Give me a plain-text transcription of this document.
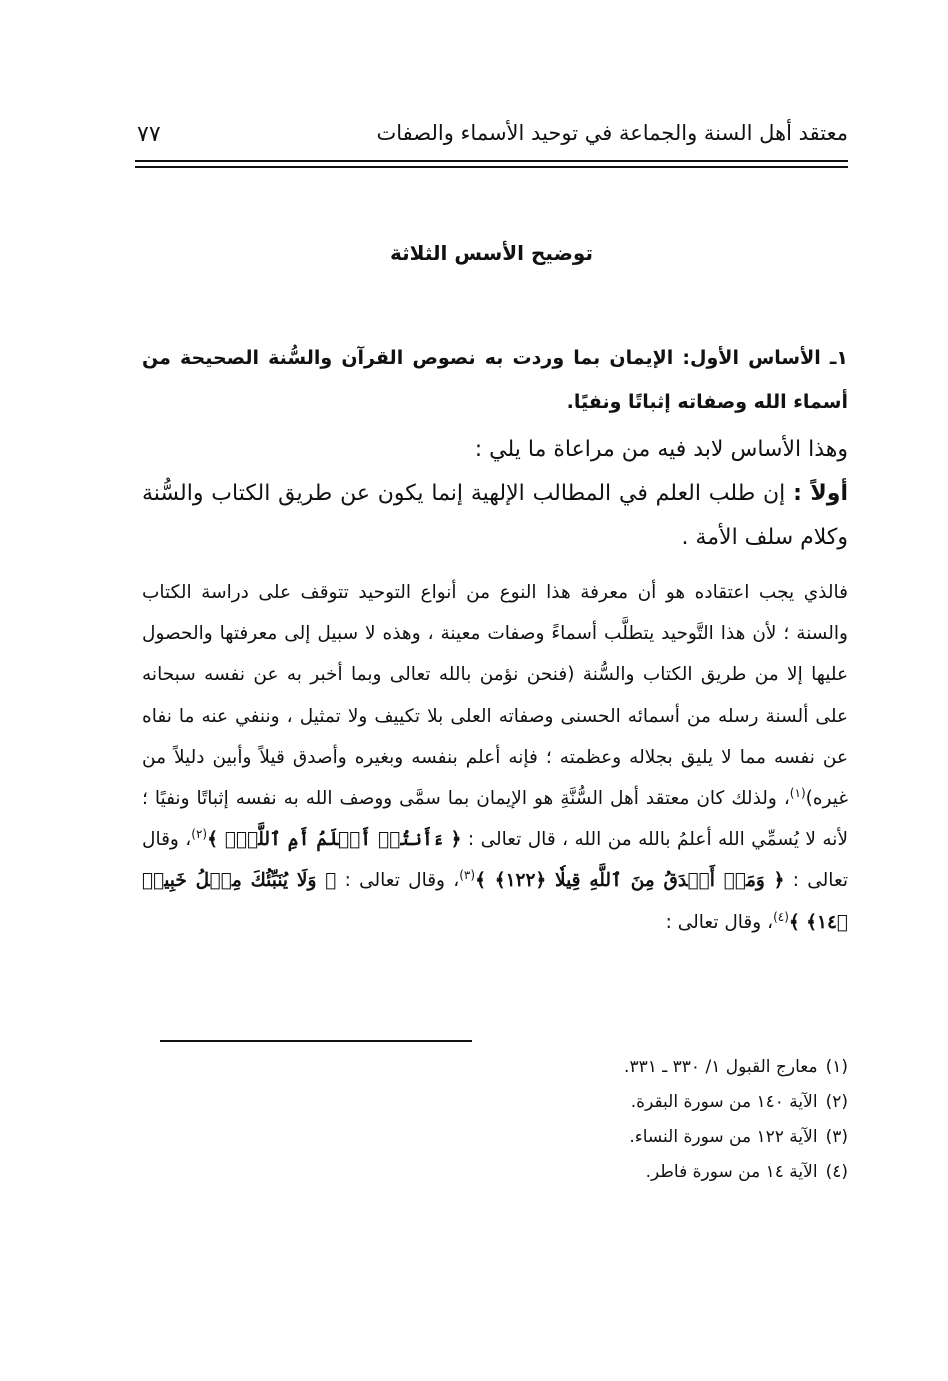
معتقد أهل السنة والجماعة في توحيد الأسماء والصفات
٧٧
توضيح الأسس الثلاثة

١ـ الأساس الأول: الإيمان بما وردت به نصوص القرآن والسُّنة الصحيحة من أسماء الله وصفاته إثباتًا ونفيًا.

وهذا الأساس لابد فيه من مراعاة ما يلي :

أولاً : إن طلب العلم في المطالب الإلهية إنما يكون عن طريق الكتاب والسُّنة وكلام سلف الأمة .

فالذي يجب اعتقاده هو أن معرفة هذا النوع من أنواع التوحيد تتوقف على دراسة الكتاب والسنة ؛ لأن هذا التَّوحيد يتطلَّب أسماءً وصفات معينة ، وهذه لا سبيل إلى معرفتها والحصول عليها إلا من طريق الكتاب والسُّنة (فنحن نؤمن بالله تعالى وبما أخبر به عن نفسه سبحانه على ألسنة رسله من أسمائه الحسنى وصفاته العلى بلا تكييف ولا تمثيل ، وننفي عنه ما نفاه عن نفسه مما لا يليق بجلاله وعظمته ؛ فإنه أعلم بنفسه وبغيره وأصدق قيلاً وأبين دليلاً من غيره)$^{(١)}$، ولذلك كان معتقد أهل السُّنَّةِ هو الإيمان بما سمَّى ووصف الله به نفسه إثباتًا ونفيًا ؛ لأنه لا يُسمِّي الله أعلمُ بالله من الله ، قال تعالى : ﴿ ءَأَنتُمۡ أَعۡلَمُ أَمِ ٱللَّهُۗ ﴾$^{(٢)}$، وقال تعالى : ﴿ وَمَنۡ أَصۡدَقُ مِنَ ٱللَّهِ قِيلٗا ﴿١٢٢﴾ ﴾$^{(٣)}$، وقال تعالى : ﴿ وَلَا يُنَبِّئُكَ مِثۡلُ خَبِيرٖ ﴿١٤﴾ ﴾$^{(٤)}$، وقال تعالى :

(١)معارج القبول ١/ ٣٣٠ ـ ٣٣١.
(٢)الآية ١٤٠ من سورة البقرة.
(٣)الآية ١٢٢ من سورة النساء.
(٤)الآية ١٤ من سورة فاطر.
